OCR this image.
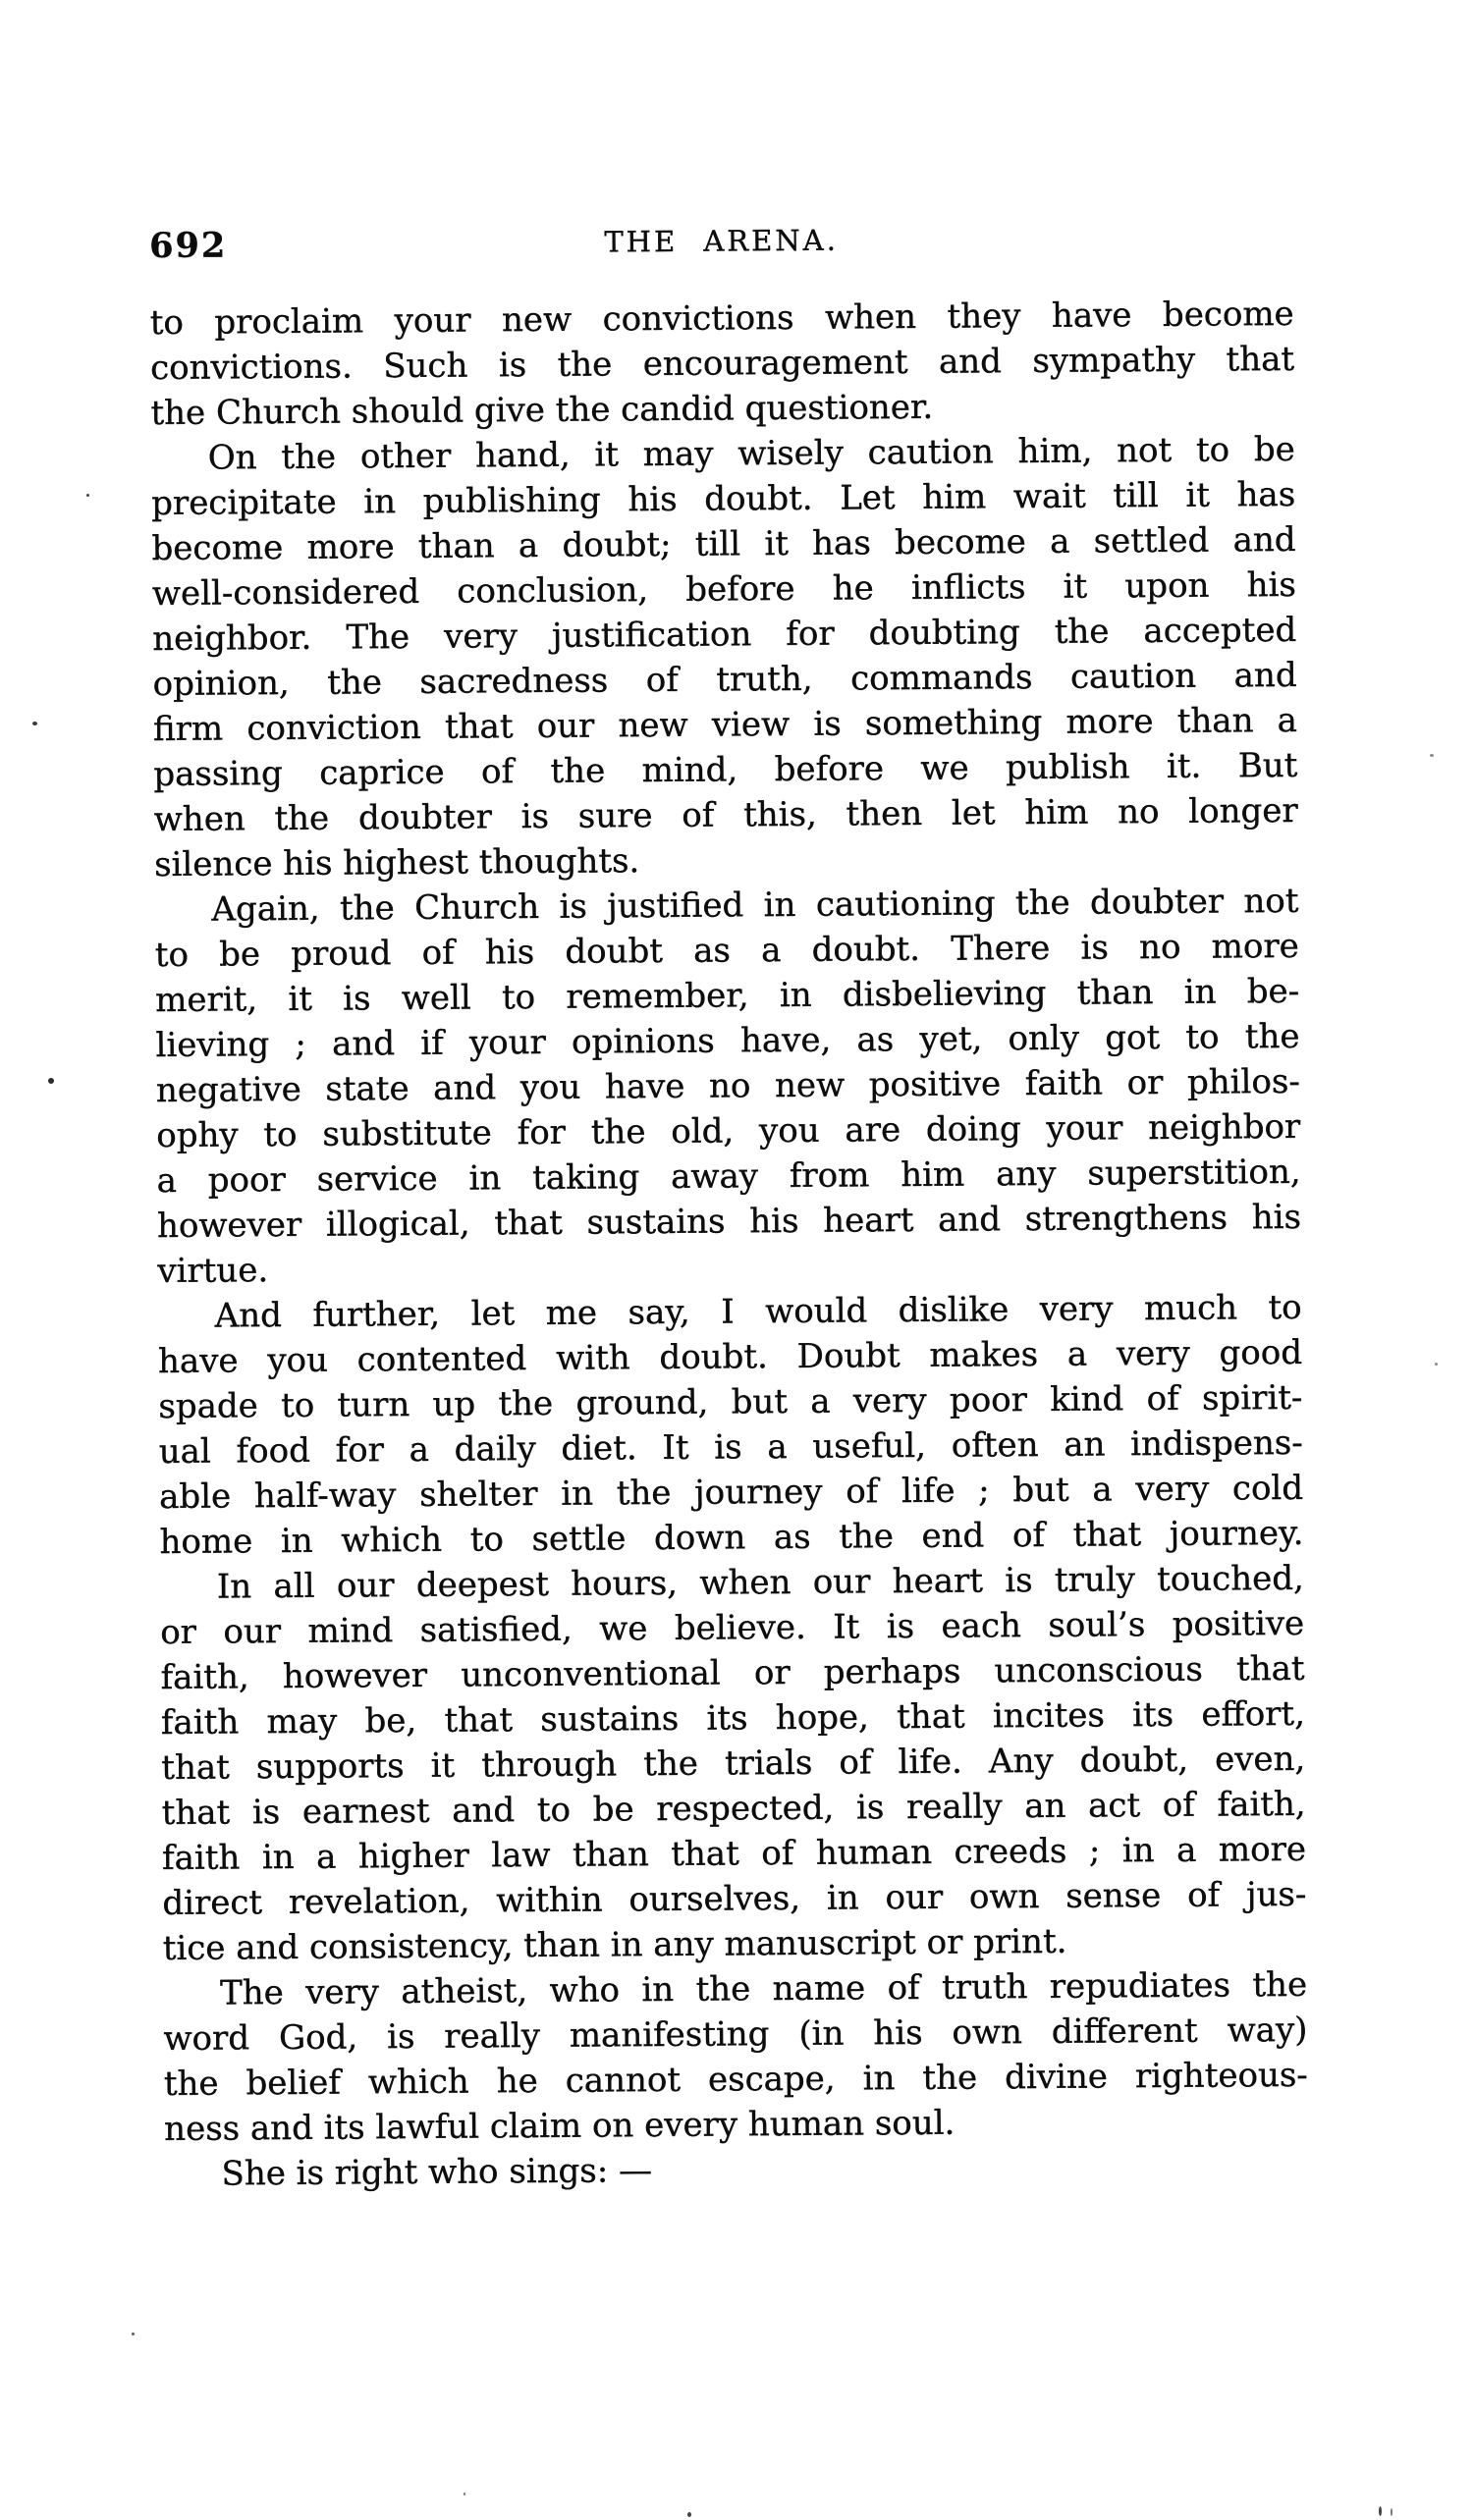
692	THE ARENA.
to proclaim your new convictions when they have become
convictions. Such is the encouragement and sympathy that
the Church should give the candid questioner.
On the other hand, it may wisely caution him, not to be
precipitate in publishing his doubt. Let him wait till it has
become more than a doubt; till it has become a settled and
well-considered conclusion, before he inflicts it upon his
neighbor. The very justification for doubting the accepted
opinion, the sacredness of truth, commands caution and
firm conviction that our new view is something more than a
passing caprice of the mind, before we publish it. But
when the doubter is sure of this, then let him no longer
silence his highest thoughts.
Again, the Church is justified in cautioning the doubter not
to be proud of his doubt as a doubt. There is no more
merit, it is well to remember, in disbelieving than in be-
lieving ; and if your opinions have, as yet, only got to the
negative state and you have no new positive faith or philos-
ophy to substitute for the old, you are doing your neighbor
a poor service in taking away from him any superstition,
however illogical, that sustains his heart and strengthens his
virtue.
And further, let me say, I would dislike very much to
have you contented with doubt. Doubt makes a very good
spade to turn up the ground, but a very poor kind of spirit-
ual food for a daily diet. It is a useful, often an indispens-
able half-way shelter in the journey of life ; but a very cold
home in which to settle down as the end of that journey.
In all our deepest hours, when our heart is truly touched,
or our mind satisfied, we believe. It is each soul’s positive
faith, however unconventional or perhaps unconscious that
faith may be, that sustains its hope, that incites its effort,
that supports it through the trials of life. Any doubt, even,
that is earnest and to be respected, is really an act of faith,
faith in a higher law than that of human creeds ; in a more
direct revelation, within ourselves, in our own sense of jus-
tice and consistency, than in any manuscript or print.
The very atheist, who in the name of truth repudiates the
word God, is really manifesting (in his own different way)
the belief which he cannot escape, in the divine righteous-
ness and its lawful claim on every human soul.
She is right who sings: —
